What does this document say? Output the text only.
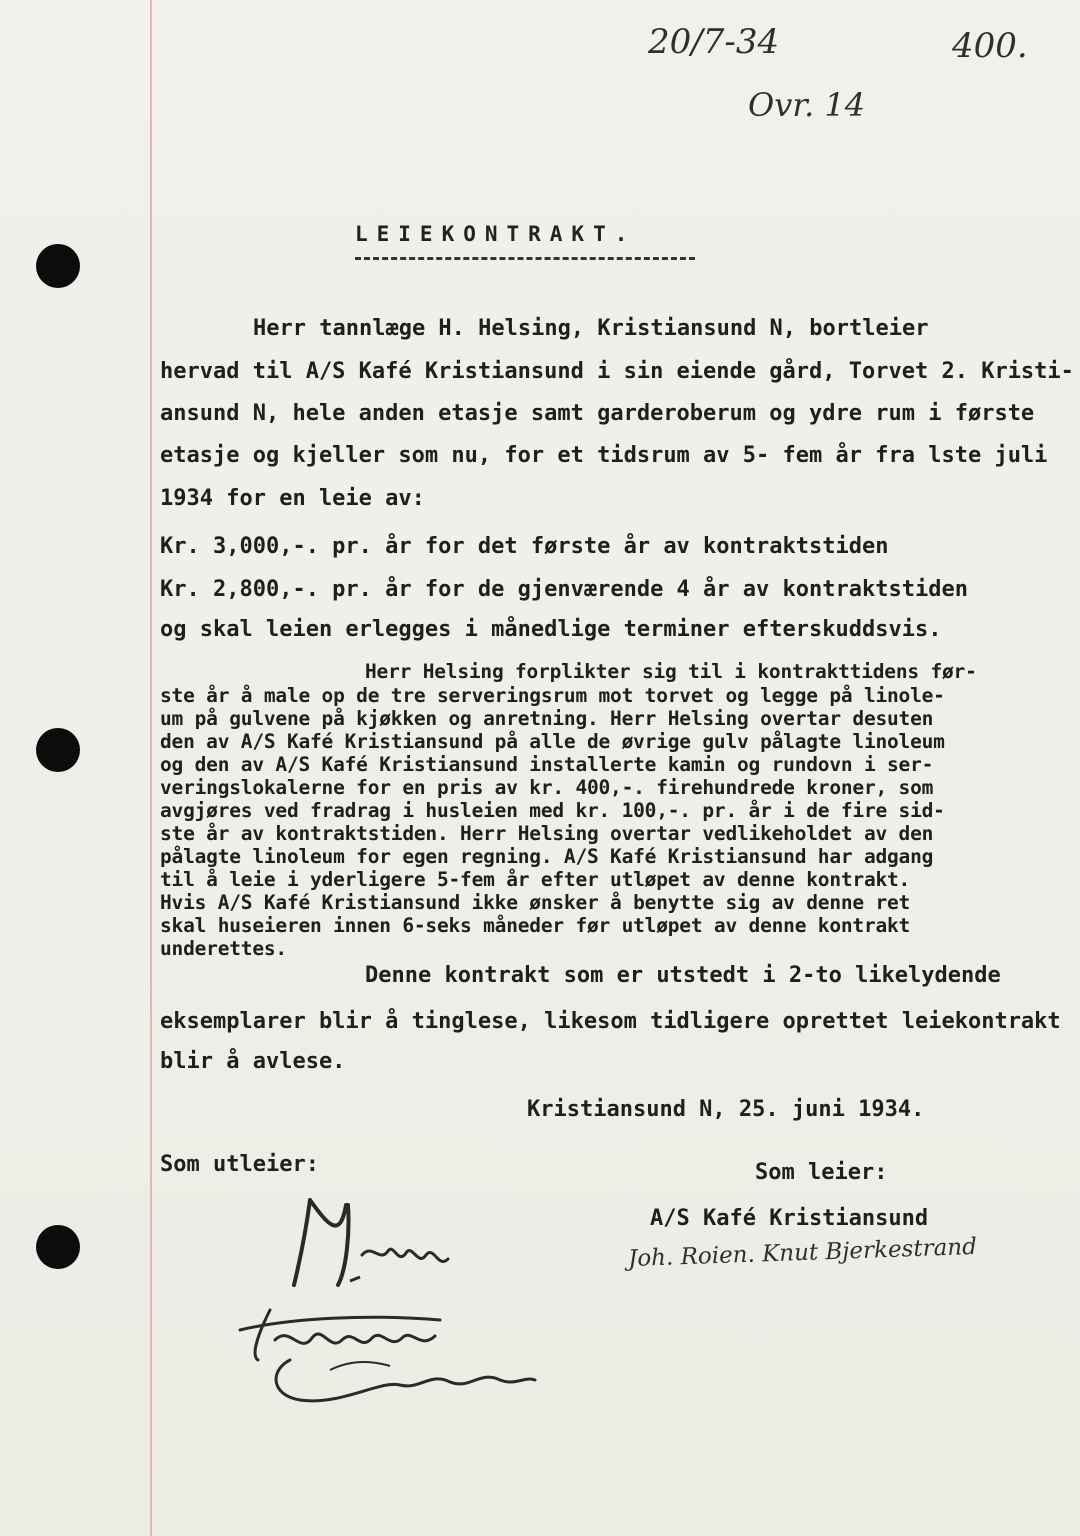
20/7-34
Ovr. 14
400.
LEIEKONTRAKT.
Herr tannlæge H. Helsing, Kristiansund N, bortleier
hervad til A/S Kafé Kristiansund i sin eiende gård, Torvet 2. Kristi-
ansund N, hele anden etasje samt garderoberum og ydre rum i første
etasje og kjeller som nu, for et tidsrum av 5- fem år fra lste juli
1934 for en leie av:
Kr. 3,000,-. pr. år for det første år av kontraktstiden
Kr. 2,800,-. pr. år for de gjenværende 4 år av kontraktstiden
og skal leien erlegges i månedlige terminer efterskuddsvis.
Herr Helsing forplikter sig til i kontrakttidens før-
ste år å male op de tre serveringsrum mot torvet og legge på linole-
um på gulvene på kjøkken og anretning. Herr Helsing overtar desuten
den av A/S Kafé Kristiansund på alle de øvrige gulv pålagte linoleum
og den av A/S Kafé Kristiansund installerte kamin og rundovn i ser-
veringslokalerne for en pris av kr. 400,-. firehundrede kroner, som
avgjøres ved fradrag i husleien med kr. 100,-. pr. år i de fire sid-
ste år av kontraktstiden. Herr Helsing overtar vedlikeholdet av den
pålagte linoleum for egen regning. A/S Kafé Kristiansund har adgang
til å leie i yderligere 5-fem år efter utløpet av denne kontrakt.
Hvis A/S Kafé Kristiansund ikke ønsker å benytte sig av denne ret
skal huseieren innen 6-seks måneder før utløpet av denne kontrakt
underettes.
Denne kontrakt som er utstedt i 2-to likelydende
eksemplarer blir å tinglese, likesom tidligere oprettet leiekontrakt
blir å avlese.
Kristiansund N, 25. juni 1934.
Som utleier:	Som leier:
A/S Kafé Kristiansund
Joh. Roien. Knut Bjerkestrand
